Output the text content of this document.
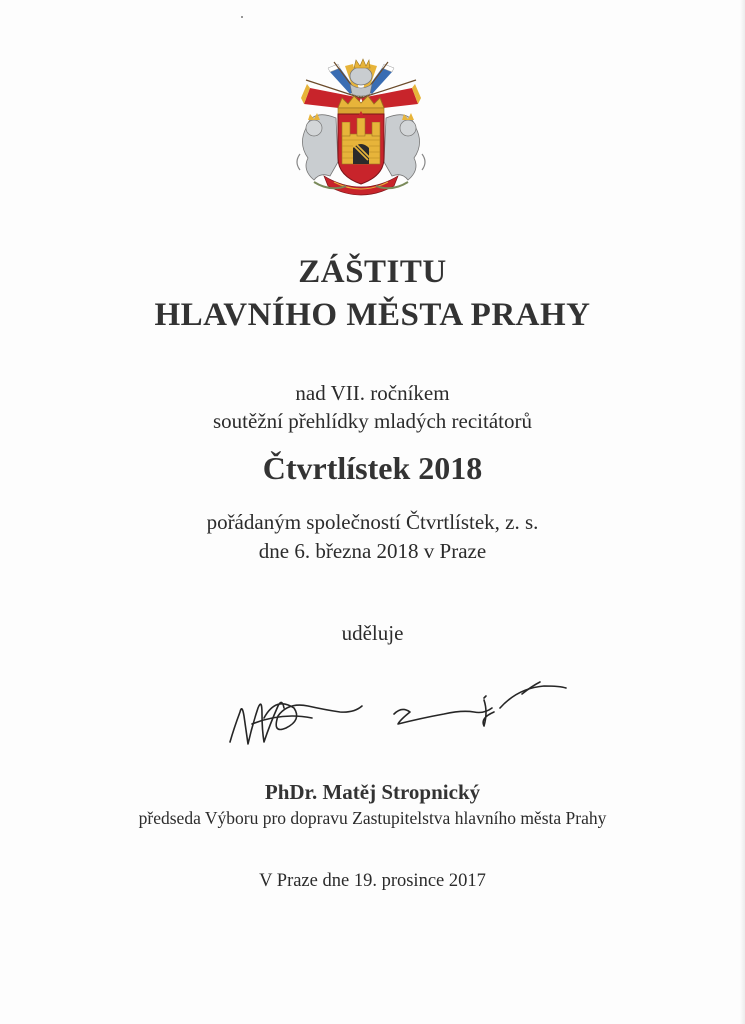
ZÁŠTITU
HLAVNÍHO MĚSTA PRAHY
nad VII. ročníkem
soutěžní přehlídky mladých recitátorů
Čtvrtlístek 2018
pořádaným společností Čtvrtlístek, z. s.
dne 6. března 2018 v Praze
uděluje
PhDr. Matěj Stropnický
předseda Výboru pro dopravu Zastupitelstva hlavního města Prahy
V Praze dne 19. prosince 2017
